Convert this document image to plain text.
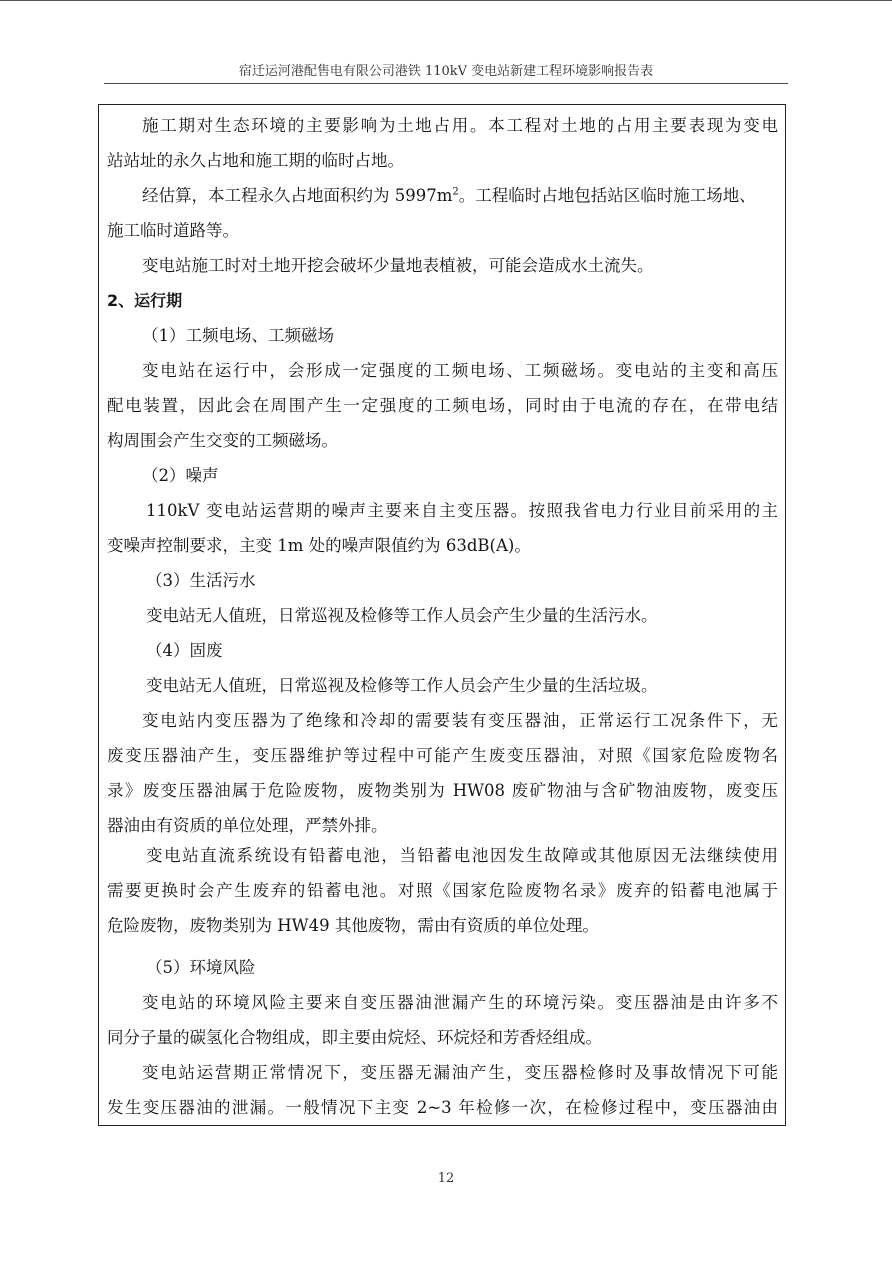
宿迁运河港配售电有限公司港铁 110kV 变电站新建工程环境影响报告表
施工期对生态环境的主要影响为土地占用。本工程对土地的占用主要表现为变电
站站址的永久占地和施工期的临时占地。
经估算，本工程永久占地面积约为 $5997m^2$。工程临时占地包括站区临时施工场地、
施工临时道路等。
变电站施工时对土地开挖会破坏少量地表植被，可能会造成水土流失。
2、运行期
（1）工频电场、工频磁场
变电站在运行中，会形成一定强度的工频电场、工频磁场。变电站的主变和高压
配电装置，因此会在周围产生一定强度的工频电场，同时由于电流的存在，在带电结
构周围会产生交变的工频磁场。
（2）噪声
110kV 变电站运营期的噪声主要来自主变压器。按照我省电力行业目前采用的主
变噪声控制要求，主变 1m 处的噪声限值约为 63dB(A)。
（3）生活污水
变电站无人值班，日常巡视及检修等工作人员会产生少量的生活污水。
（4）固废
变电站无人值班，日常巡视及检修等工作人员会产生少量的生活垃圾。
变电站内变压器为了绝缘和冷却的需要装有变压器油，正常运行工况条件下，无
废变压器油产生，变压器维护等过程中可能产生废变压器油，对照《国家危险废物名
录》废变压器油属于危险废物，废物类别为 HW08 废矿物油与含矿物油废物，废变压
器油由有资质的单位处理，严禁外排。
变电站直流系统设有铅蓄电池，当铅蓄电池因发生故障或其他原因无法继续使用
需要更换时会产生废弃的铅蓄电池。对照《国家危险废物名录》废弃的铅蓄电池属于
危险废物，废物类别为 HW49 其他废物，需由有资质的单位处理。
（5）环境风险
变电站的环境风险主要来自变压器油泄漏产生的环境污染。变压器油是由许多不
同分子量的碳氢化合物组成，即主要由烷烃、环烷烃和芳香烃组成。
变电站运营期正常情况下，变压器无漏油产生，变压器检修时及事故情况下可能
发生变压器油的泄漏。一般情况下主变 2~3 年检修一次，在检修过程中，变压器油由
12
